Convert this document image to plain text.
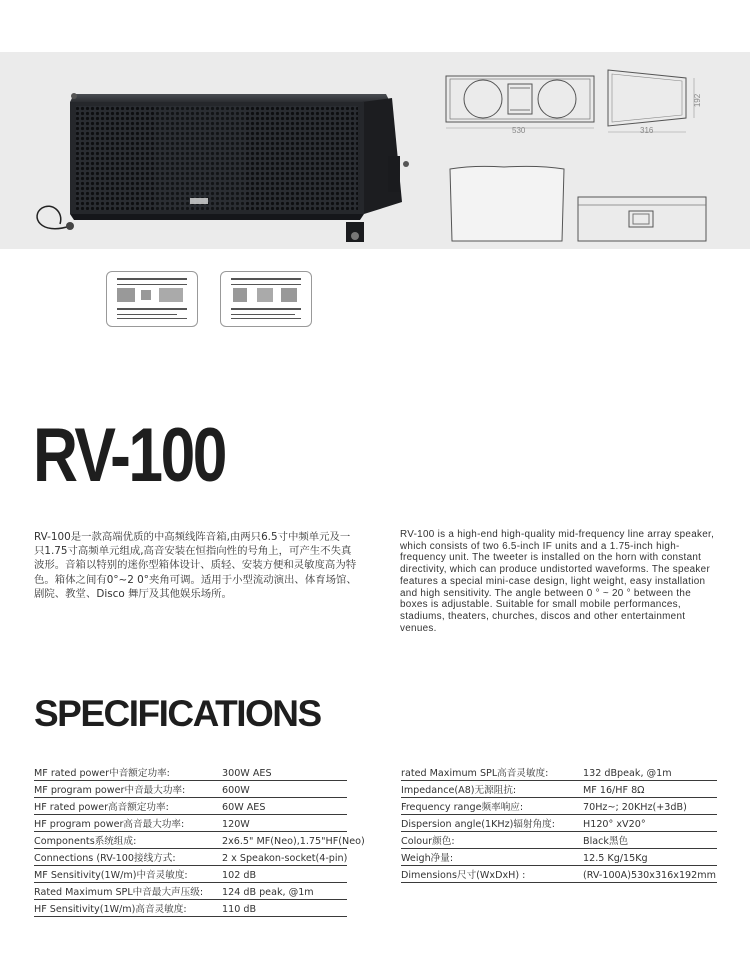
530	316
192
RV-100

RV-100是一款高端优质的中高频线阵音箱,由两只6.5寸中频单元及一只1.75寸高频单元组成,高音安装在恒指向性的号角上，可产生不失真波形。音箱以特别的迷你型箱体设计、质轻、安装方便和灵敏度高为特色。箱体之间有0°~2 0°夹角可调。适用于小型流动演出、体育场馆、剧院、教堂、Disco 舞厅及其他娱乐场所。

RV-100 is a high-end high-quality mid-frequency line array speaker, which consists of two 6.5-inch IF units and a 1.75-inch high-frequency unit. The tweeter is installed on the horn with constant directivity, which can produce undistorted waveforms. The speaker features a special mini-case design, light weight, easy installation and high sensitivity. The angle between 0 ° ~ 20 ° between the boxes is adjustable. Suitable for small mobile performances, stadiums, theaters, churches, discos and other entertainment venues.

SPECIFICATIONS
MF rated power中音额定功率:	300W AES
MF program power中音最大功率:	600W
HF rated power高音额定功率:	60W AES
HF program power高音最大功率:	120W
Components系统组成:	2x6.5" MF(Neo),1.75"HF(Neo)
Connections (RV-100接线方式:	2 x Speakon-socket(4-pin)
MF Sensitivity(1W/m)中音灵敏度:	102 dB
Rated Maximum SPL中音最大声压级: 124 dB peak, @1m
HF Sensitivity(1W/m)高音灵敏度:	110 dB
rated Maximum SPL高音灵敏度:	132 dBpeak, @1m
Impedance(A8)无源阻抗:	MF 16/HF 8Ω
Frequency range频率响应:	70Hz~; 20KHz(+3dB)
Dispersion angle(1KHz)辐射角度:	H120° xV20°
Colour颜色:	Black黑色
Weigh净量:	12.5 Kg/15Kg
Dimensions尺寸(WxDxH) :	(RV-100A)530x316x192mm
